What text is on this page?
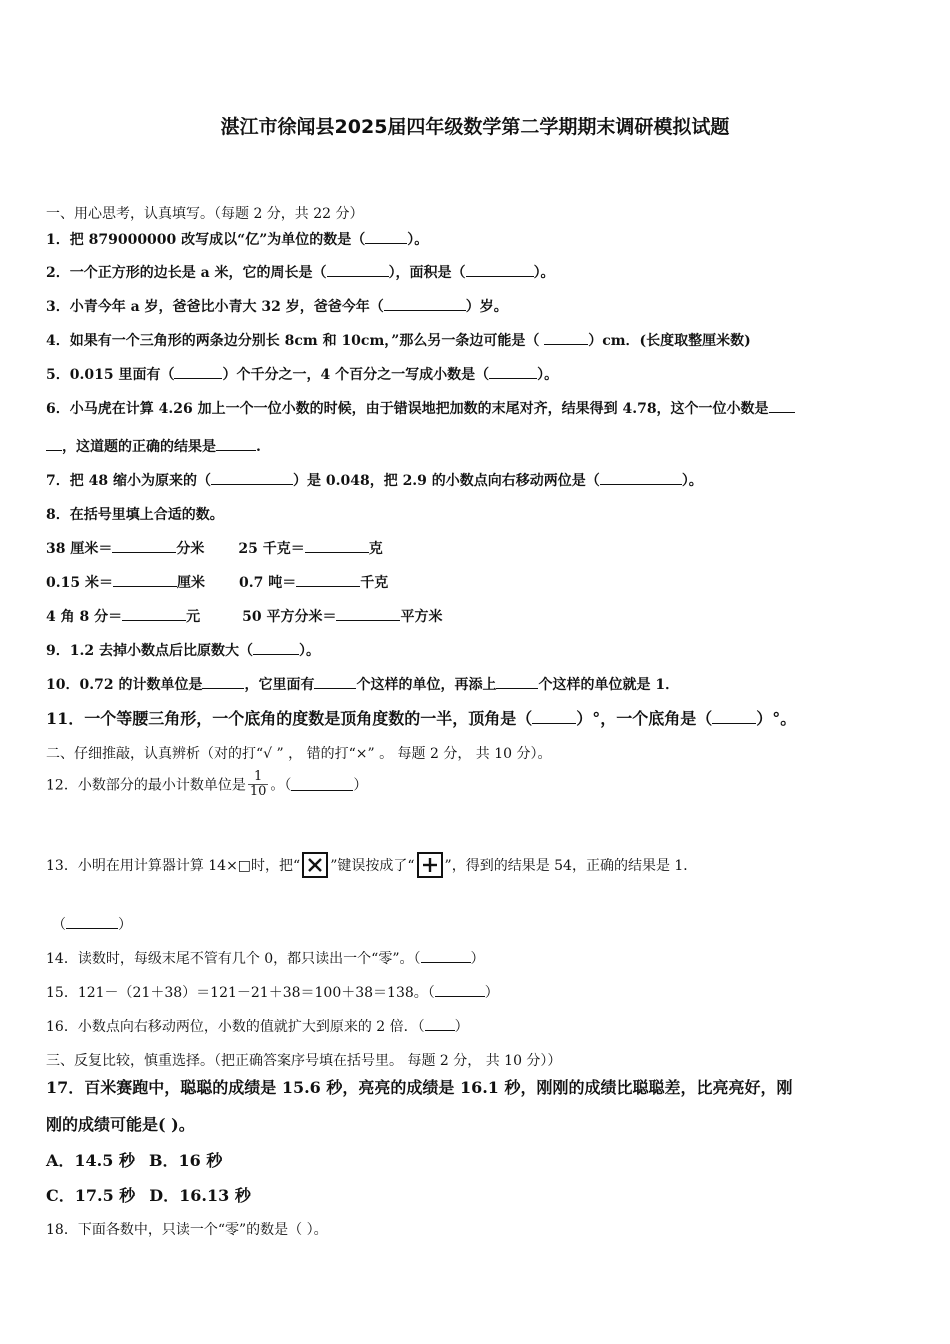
湛江市徐闻县2025届四年级数学第二学期期末调研模拟试题
一、用心思考，认真填写。（每题 2 分，共 22 分）
1．把 879000000 改写成以“亿”为单位的数是（	）。
2．一个正方形的边长是 a 米，它的周长是（	），面积是（	）。
3．小青今年 a 岁，爸爸比小青大 32 岁，爸爸今年（	）岁。
4．如果有一个三角形的两条边分别长 8cm 和 10cm，”那么另一条边可能是（	）cm．(长度取整厘米数)
5．0.015 里面有（	）个千分之一，4 个百分之一写成小数是（	）。
6．小马虎在计算 4.26 加上一个一位小数的时候，由于错误地把加数的末尾对齐，结果得到 4.78，这个一位小数是
，这道题的正确的结果是	.
7．把 48 缩小为原来的（	）是 0.048，把 2.9 的小数点向右移动两位是（	）。
8．在括号里填上合适的数。
38 厘米＝	分米 25 千克＝	克
0.15 米＝	厘米 0.7 吨＝	千克
4 角 8 分＝	元	50 平方分米＝	平方米
9．1.2 去掉小数点后比原数大（	）。
10．0.72 的计数单位是	，它里面有	个这样的单位，再添上	个这样的单位就是 1．
11．一个等腰三角形，一个底角的度数是顶角度数的一半，顶角是（	）°，一个底角是（	）°。
二、仔细推敲，认真辨析（对的打“√ ” ， 错的打“×” 。 每题 2 分， 共 10 分）。
12．小数部分的最小计数单位是 $\frac{1}{10}$ 。（	）
13．小明在用计算器计算 14×□时，把“ ”键误按成了“ ”，得到的结果是 54，正确的结果是 1．
（	）
14．读数时，每级末尾不管有几个 0，都只读出一个“零”。（	）
15．121－（21＋38）＝121－21＋38＝100＋38＝138。（	）
16．小数点向右移动两位，小数的值就扩大到原来的 2 倍．（ ）
三、反复比较，慎重选择。（把正确答案序号填在括号里。 每题 2 分， 共 10 分））
17．百米赛跑中，聪聪的成绩是 15.6 秒，亮亮的成绩是 16.1 秒，刚刚的成绩比聪聪差，比亮亮好，刚
刚的成绩可能是( )。
A．14.5 秒 B．16 秒
C．17.5 秒 D．16.13 秒
18．下面各数中，只读一个“零”的数是（ ）。
